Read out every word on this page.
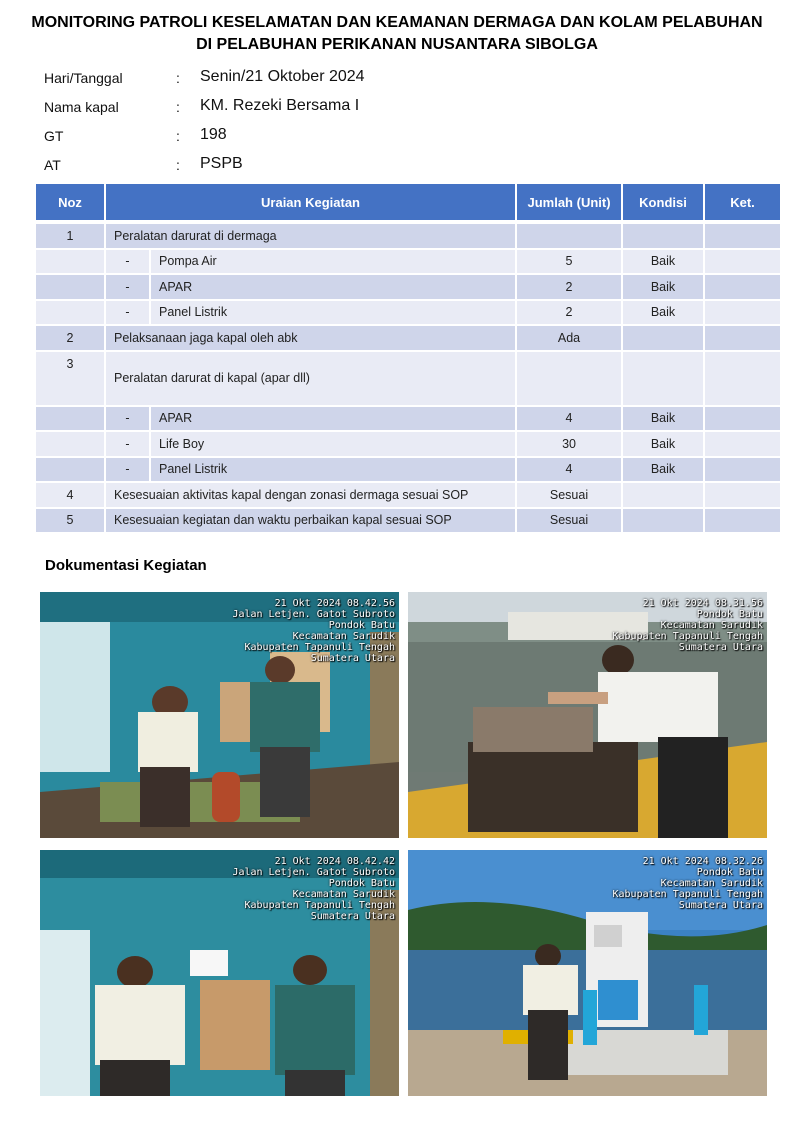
MONITORING PATROLI KESELAMATAN DAN KEAMANAN DERMAGA DAN KOLAM PELABUHAN
DI PELABUHAN PERIKANAN NUSANTARA SIBOLGA
Hari/Tanggal	: Senin/21 Oktober 2024
Nama kapal	: KM. Rezeki Bersama I
GT	: 198
AT	: PSPB
Noz	Uraian Kegiatan		Jumlah (Unit)	Kondisi	Ket.

1	Peralatan darurat di dermaga				
	-	Pompa Air	5	Baik	
	-	APAR	2	Baik	
	-	Panel Listrik	2	Baik	
2	Pelaksanaan jaga kapal oleh abk		Ada		
3	Peralatan darurat di kapal (apar dll)				
	-	APAR	4	Baik	
	-	Life Boy	30	Baik	
	-	Panel Listrik	4	Baik	
4	Kesesuaian aktivitas kapal dengan zonasi dermaga sesuai SOP		Sesuai		
5	Kesesuaian kegiatan dan waktu perbaikan kapal sesuai SOP		Sesuai		
Dokumentasi Kegiatan
21 Okt 2024 08.42.56
Jalan Letjen. Gatot Subroto
Pondok Batu
Kecamatan Sarudik
Kabupaten Tapanuli Tengah
Sumatera Utara
21 Okt 2024 08.31.56
Pondok Batu
Kecamatan Sarudik
Kabupaten Tapanuli Tengah
Sumatera Utara
21 Okt 2024 08.42.42
Jalan Letjen. Gatot Subroto
Pondok Batu
Kecamatan Sarudik
Kabupaten Tapanuli Tengah
Sumatera Utara
21 Okt 2024 08.32.26
Pondok Batu
Kecamatan Sarudik
Kabupaten Tapanuli Tengah
Sumatera Utara
